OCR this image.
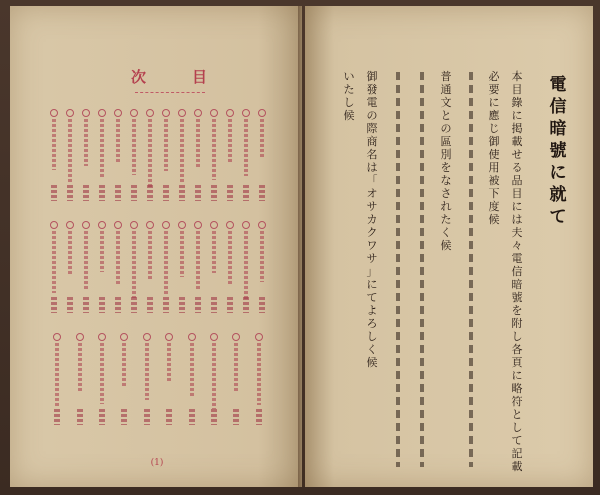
次	目
(1)
電
信
暗
號
に
就
て
本
目
錄
に
掲
載
せ
る
品
目
に
は
夫
々
電
信
暗
號
を
附
し
各
頁
に
略
符
と
し
て
記
載
必
要
に
應
じ
御
使
用
被
下
度
候
普
通
文
と
の
區
別
を
な
さ
れ
た
く
候
御
發
電
の
際
商
名
は
「
オ
サ
カ
ク
ワ
サ
」
に
て
よ
ろ
し
く
候
い
た
し
候
